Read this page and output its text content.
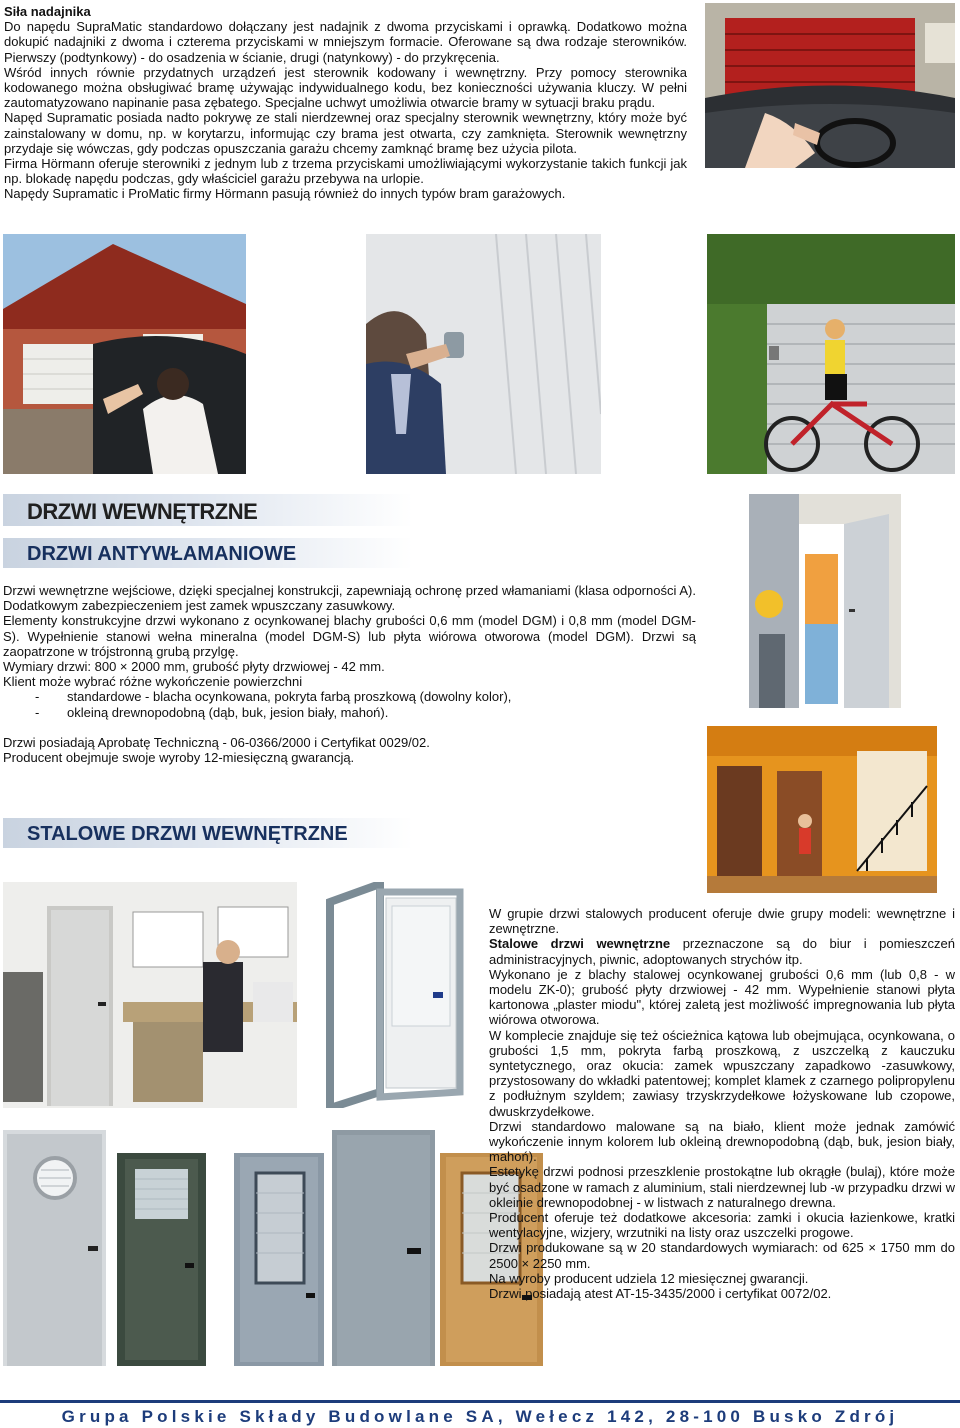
Siła nadajnika

Do napędu SupraMatic standardowo dołączany jest nadajnik z dwoma przyciskami i oprawką. Dodatkowo można dokupić nadajniki z dwoma i czterema przyciskami w mniejszym formacie. Oferowane są dwa rodzaje sterowników. Pierwszy (podtynkowy) - do osadzenia w ścianie, drugi (natynkowy) - do przykręcenia.

Wśród innych równie przydatnych urządzeń jest sterownik kodowany i wewnętrzny. Przy pomocy sterownika kodowanego można obsługiwać bramę używając indywidualnego kodu, bez konieczności używania kluczy. W pełni zautomatyzowano napinanie pasa zębatego. Specjalne uchwyt umożliwia otwarcie bramy w sytuacji braku prądu.

Napęd Supramatic posiada nadto pokrywę ze stali nierdzewnej oraz specjalny sterownik wewnętrzny, który może być zainstalowany w domu, np. w korytarzu, informując czy brama jest otwarta, czy zamknięta. Sterownik wewnętrzny przydaje się wówczas, gdy podczas opuszczania garażu chcemy zamknąć bramę bez użycia pilota.

Firma Hörmann oferuje sterowniki z jednym lub z trzema przyciskami umożliwiającymi wykorzystanie takich funkcji jak np. blokadę napędu podczas, gdy właściciel garażu przebywa na urlopie.

Napędy Supramatic i ProMatic firmy Hörmann pasują również do innych typów bram garażowych.

DRZWI WEWNĘTRZNE
DRZWI ANTYWŁAMANIOWE
Drzwi wewnętrzne wejściowe, dzięki specjalnej konstrukcji, zapewniają ochronę przed włamaniami (klasa odporności A). Dodatkowym zabezpieczeniem jest zamek wpuszczany zasuwkowy.
Elementy konstrukcyjne drzwi wykonano z ocynkowanej blachy grubości 0,6 mm (model DGM) i 0,8 mm (model DGM-S). Wypełnienie stanowi wełna mineralna (model DGM-S) lub płyta wiórowa otworowa (model DGM). Drzwi są zaopatrzone w trójstronną grubą przylgę.
Wymiary drzwi: 800 × 2000 mm, grubość płyty drzwiowej - 42 mm.
Klient może wybrać różne wykończenie powierzchni
- standardowe - blacha ocynkowana, pokryta farbą proszkową (dowolny kolor),
- okleiną drewnopodobną (dąb, buk, jesion biały, mahoń).
Drzwi posiadają Aprobatę Techniczną - 06-0366/2000 i Certyfikat 0029/02.
Producent obejmuje swoje wyroby 12-miesięczną gwarancją.
STALOWE DRZWI WEWNĘTRZNE

W grupie drzwi stalowych producent oferuje dwie grupy modeli: wewnętrzne i zewnętrzne.

Stalowe drzwi wewnętrzne przeznaczone są do biur i pomieszczeń administracyjnych, piwnic, adoptowanych strychów itp.

Wykonano je z blachy stalowej ocynkowanej grubości 0,6 mm (lub 0,8 - w modelu ZK-0); grubość płyty drzwiowej - 42 mm. Wypełnienie stanowi płyta kartonowa „plaster miodu", której zaletą jest możliwość impregnowania lub płyta wiórowa otworowa.

W komplecie znajduje się też ościeżnica kątowa lub obejmująca, ocynkowana, o grubości 1,5 mm, pokryta farbą proszkową, z uszczelką z kauczuku syntetycznego, oraz okucia: zamek wpuszczany zapadkowo -zasuwkowy, przystosowany do wkładki patentowej; komplet klamek z czarnego polipropylenu z podłużnym szyldem; zawiasy trzyskrzydełkowe łożyskowane lub czopowe, dwuskrzydełkowe.

Drzwi standardowo malowane są na biało, klient może jednak zamówić wykończenie innym kolorem lub okleiną drewnopodobną (dąb, buk, jesion biały, mahoń).

Estetykę drzwi podnosi przeszklenie prostokątne lub okrągłe (bulaj), które może być osadzone w ramach z aluminium, stali nierdzewnej lub -w przypadku drzwi w okleinie drewnopodobnej - w listwach z naturalnego drewna.

Producent oferuje też dodatkowe akcesoria: zamki i okucia łazienkowe, kratki wentylacyjne, wizjery, wrzutniki na listy oraz uszczelki progowe.

Drzwi produkowane są w 20 standardowych wymiarach: od 625 × 1750 mm do 2500 × 2250 mm.

Na wyroby producent udziela 12 miesięcznej gwarancji.

Drzwi posiadają atest AT-15-3435/2000 i certyfikat 0072/02.

Grupa Polskie Składy Budowlane SA, Wełecz 142, 28-100 Busko Zdrój
